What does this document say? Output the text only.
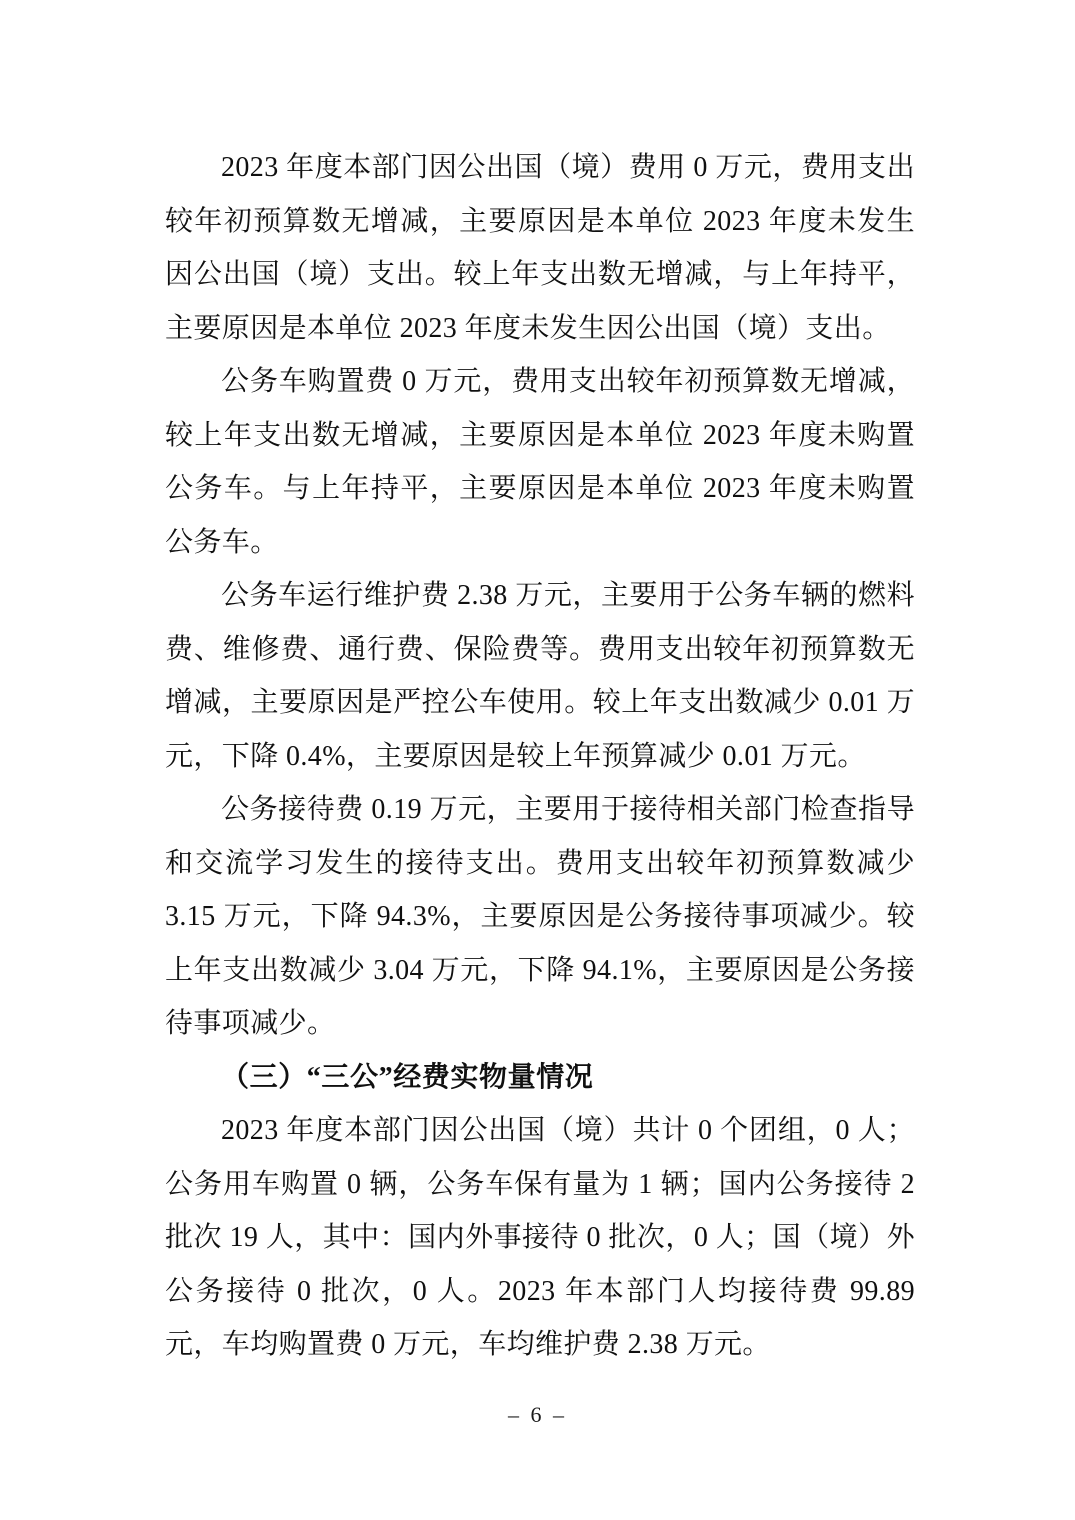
2023 年度本部门因公出国（境）费用 0 万元，费用支出较年初预算数无增减，主要原因是本单位 2023 年度未发生因公出国（境）支出。较上年支出数无增减，与上年持平，主要原因是本单位 2023 年度未发生因公出国（境）支出。

公务车购置费 0 万元，费用支出较年初预算数无增减，较上年支出数无增减，主要原因是本单位 2023 年度未购置公务车。与上年持平，主要原因是本单位 2023 年度未购置公务车。

公务车运行维护费 2.38 万元，主要用于公务车辆的燃料费、维修费、通行费、保险费等。费用支出较年初预算数无增减，主要原因是严控公车使用。较上年支出数减少 0.01 万元，下降 0.4%，主要原因是较上年预算减少 0.01 万元。

公务接待费 0.19 万元，主要用于接待相关部门检查指导和交流学习发生的接待支出。费用支出较年初预算数减少 3.15 万元，下降 94.3%，主要原因是公务接待事项减少。较上年支出数减少 3.04 万元，下降 94.1%，主要原因是公务接待事项减少。

（三）“三公”经费实物量情况

2023 年度本部门因公出国（境）共计 0 个团组，0 人；公务用车购置 0 辆，公务车保有量为 1 辆；国内公务接待 2 批次 19 人，其中：国内外事接待 0 批次，0 人；国（境）外公务接待 0 批次，0 人。2023 年本部门人均接待费 99.89 元，车均购置费 0 万元，车均维护费 2.38 万元。

– 6 –
